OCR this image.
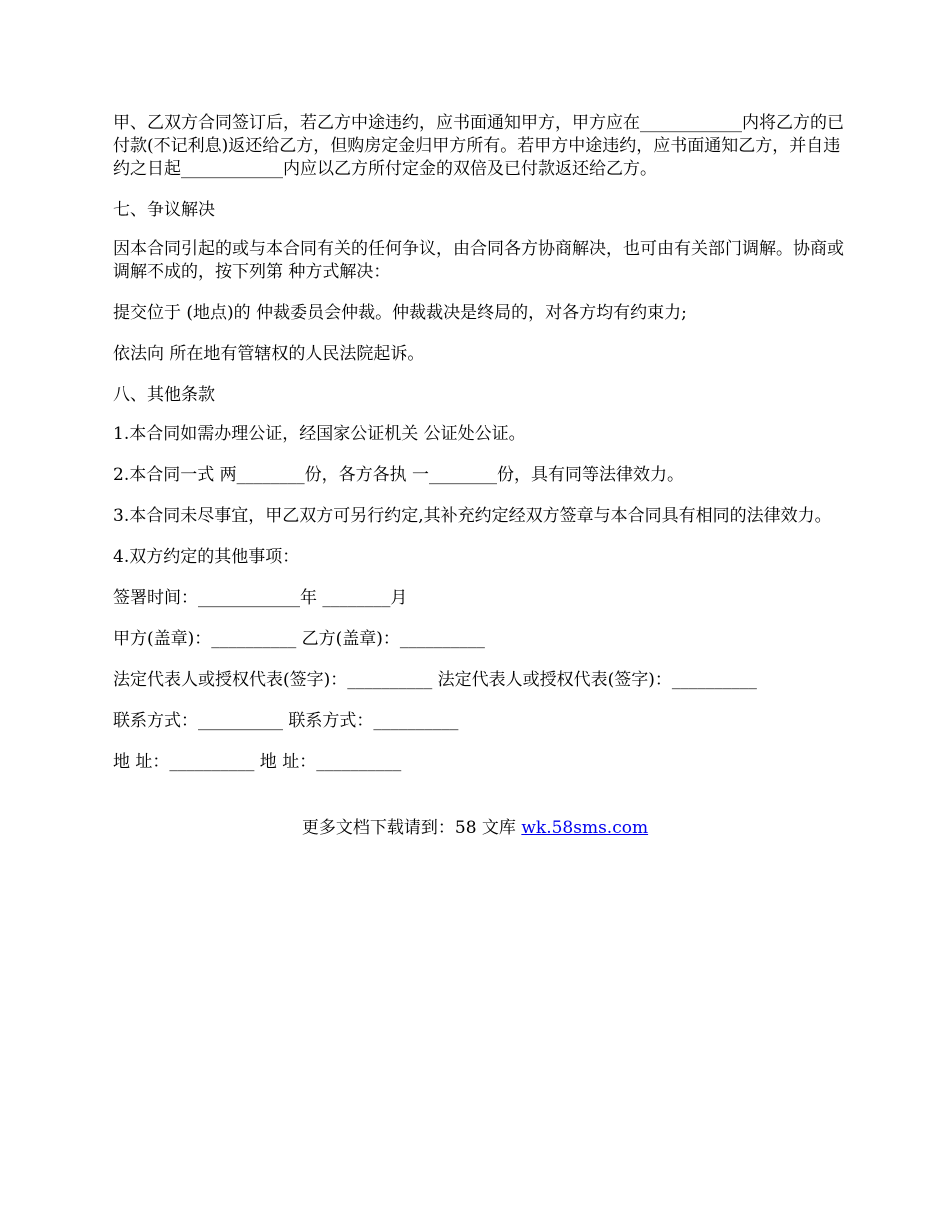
甲、乙双方合同签订后，若乙方中途违约，应书面通知甲方，甲方应在____________内将乙方的已付款(不记利息)返还给乙方，但购房定金归甲方所有。若甲方中途违约，应书面通知乙方，并自违约之日起____________内应以乙方所付定金的双倍及已付款返还给乙方。

七、争议解决

因本合同引起的或与本合同有关的任何争议，由合同各方协商解决，也可由有关部门调解。协商或调解不成的，按下列第 种方式解决：

提交位于 (地点)的 仲裁委员会仲裁。仲裁裁决是终局的，对各方均有约束力;

依法向 所在地有管辖权的人民法院起诉。

八、其他条款

1.本合同如需办理公证，经国家公证机关 公证处公证。

2.本合同一式 两________份，各方各执 一________份，具有同等法律效力。

3.本合同未尽事宜，甲乙双方可另行约定,其补充约定经双方签章与本合同具有相同的法律效力。

4.双方约定的其他事项：

签署时间：____________年 ________月

甲方(盖章)：__________ 乙方(盖章)：__________

法定代表人或授权代表(签字)：__________ 法定代表人或授权代表(签字)：__________

联系方式：__________ 联系方式：__________

地 址：__________ 地 址：__________

更多文档下载请到：58 文库 wk.58sms.com
